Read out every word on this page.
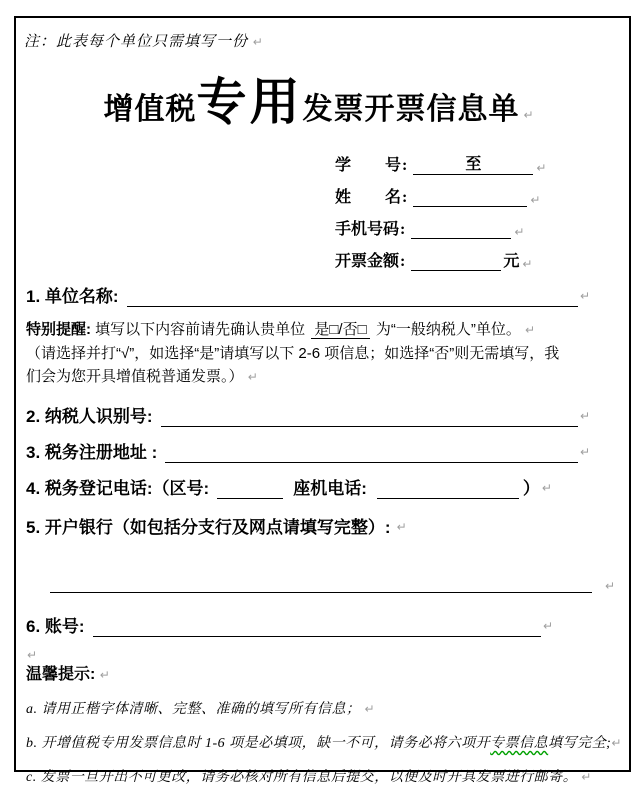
注：此表每个单位只需填写一份 ↵
增值税专用发票开票信息单 ↵
学 号 :	至	↵
姓 名 :	↵
手机号码 :	↵
开票金额 :	元 ↵
1. 单位名称:	↵
特别提醒: 填写以下内容前请先确认贵单位 是□/否□ 为“一般纳税人”单位。 ↵
（请选择并打“√”，如选择“是”请填写以下 2-6 项信息；如选择“否”则无需填写，我
们会为您开具增值税普通发票。） ↵
2. 纳税人识别号:	↵
3. 税务注册地址 :	↵
4. 税务登记电话:（区号:	座机电话:	） ↵
5. 开户银行（如包括分支行及网点请填写完整）: ↵
↵
6. 账号:	↵
↵
温馨提示: ↵
a. 请用正楷字体清晰、完整、准确的填写所有信息； ↵
b. 开增值税专用发票信息时 1-6 项是必填项，缺一不可，请务必将六项开专票信息填写完全;↵
c. 发票一旦开出不可更改，请务必核对所有信息后提交，以便及时开具发票进行邮寄。 ↵
